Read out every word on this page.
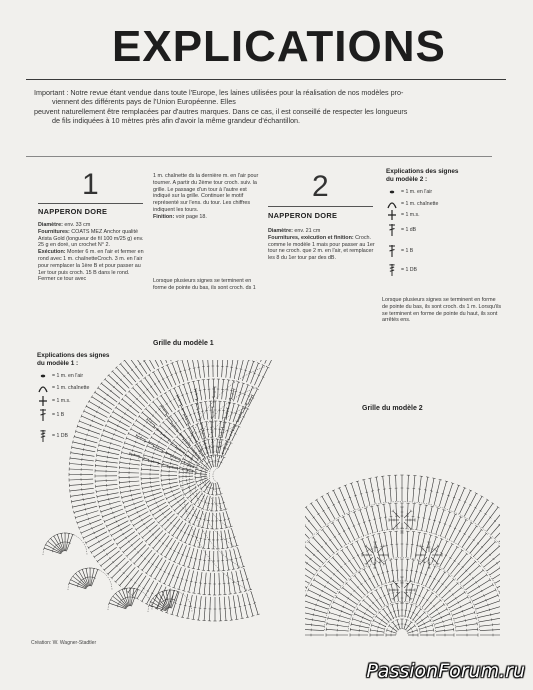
EXPLICATIONS

Important : Notre revue étant vendue dans toute l'Europe, les laines utilisées pour la réalisation de nos modèles pro-

viennent des différents pays de l'Union Européenne. Elles

peuvent naturellement être remplacées par d'autres marques. Dans ce cas, il est conseillé de respecter les longueurs

de fils indiquées à 10 mètres près afin d'avoir la même grandeur d'échantillon.

1
NAPPERON DORE
Diamètre: env. 33 cm
Fournitures: COATS MEZ Anchor qualité Arista Gold (longueur de fil 100 m/25 g) env. 25 g en doré, un crochet N° 2.
Exécution: Monter 6 m. en l'air et fermer en rond avec 1 m. chaînetteCroch. 3 m. en l'air pour remplacer la 1ère B et pour passer au 1er tour puis croch. 15 B dans le rond. Fermer ce tour avec
1 m. chaînette ds la dernière m. en l'air pour tourner. A partir du 2ème tour croch. suiv. la grille. Le passage d'un tour à l'autre est indiqué sur la grille. Continuer le motif représenté sur l'ens. du tour. Les chiffres indiquent les tours.
Finition: voir page 18.
Lorsque plusieurs signes se terminent en forme de pointe du bas, ils sont croch. ds 1
2
NAPPERON DORE
Diamètre: env. 21 cm
Fournitures, exécution et finition: Croch. comme le modèle 1 mais pour passer au 1er tour ne croch. que 2 m. en l'air, et remplacer les 8 du 1er tour par des dB.
Explications des signes
du modèle 2 :
= 1 m. en l'air
= 1 m. chaînette
= 1 m.s.
= 1 dB
= 1 B
= 1 DB
Lorsque plusieurs signes se terminent en forme de pointe du bas, ils sont croch. ds 1 m. Lorsqu'ils se terminent en forme de pointe du haut, ils sont arrêtés ens.
Explications des signes
du modèle 1 :
= 1 m. en l'air
= 1 m. chaînette
= 1 m.s.
= 1 B
= 1 DB
Grille du modèle 1
Grille du modèle 2
Création: W. Wagner-Stadtler
PassionForum.ru
